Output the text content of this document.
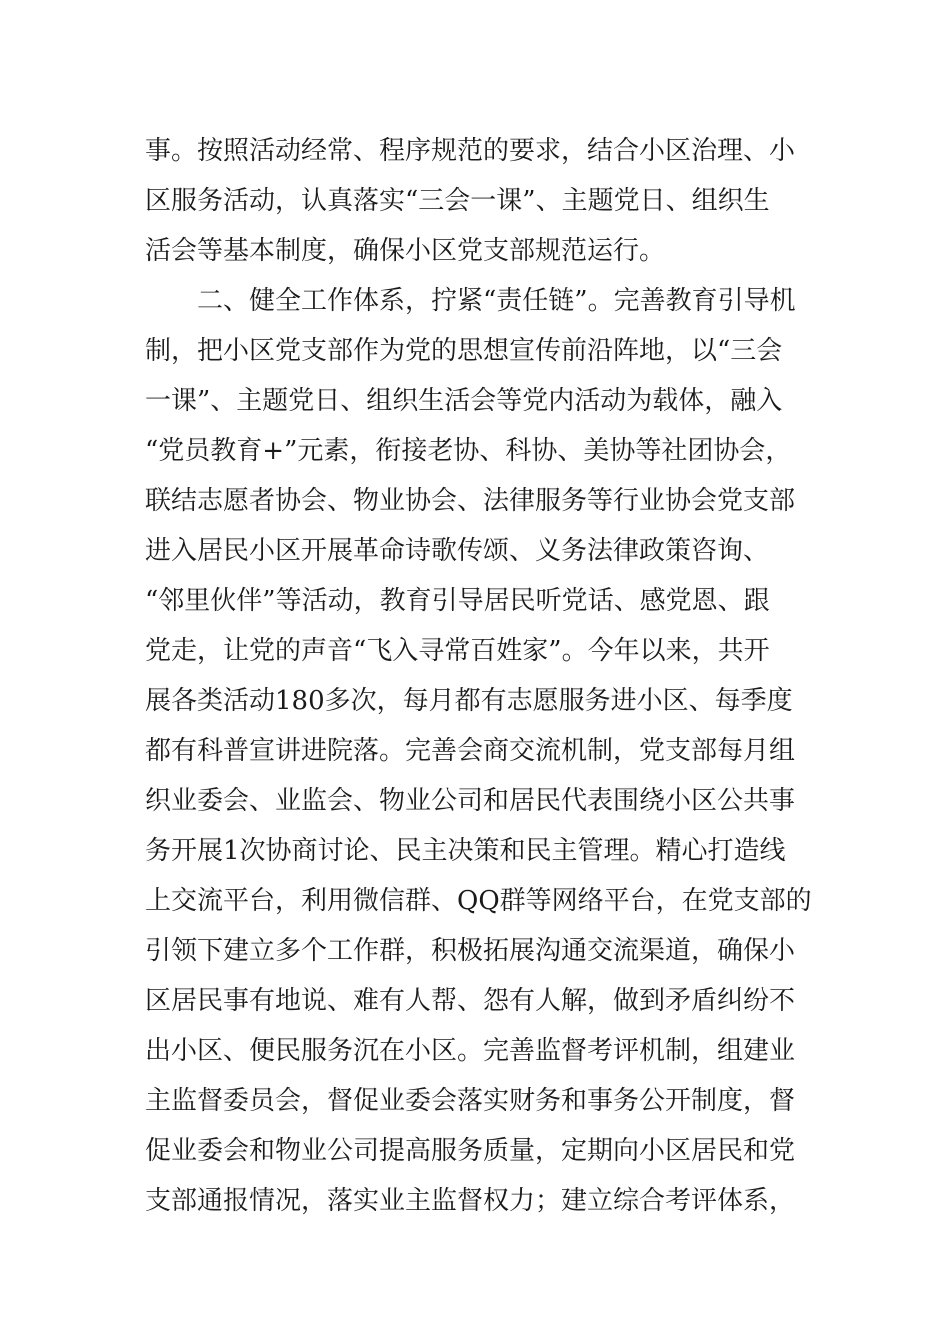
事。按照活动经常、程序规范的要求，结合小区治理、小
区服务活动，认真落实“三会一课”、主题党日、组织生
活会等基本制度，确保小区党支部规范运行。
　　二、健全工作体系，拧紧“责任链”。完善教育引导机
制，把小区党支部作为党的思想宣传前沿阵地，以“三会
一课”、主题党日、组织生活会等党内活动为载体，融入
“党员教育+”元素，衔接老协、科协、美协等社团协会，
联结志愿者协会、物业协会、法律服务等行业协会党支部
进入居民小区开展革命诗歌传颂、义务法律政策咨询、
“邻里伙伴”等活动，教育引导居民听党话、感党恩、跟
党走，让党的声音“飞入寻常百姓家”。今年以来，共开
展各类活动180多次，每月都有志愿服务进小区、每季度
都有科普宣讲进院落。完善会商交流机制，党支部每月组
织业委会、业监会、物业公司和居民代表围绕小区公共事
务开展1次协商讨论、民主决策和民主管理。精心打造线
上交流平台，利用微信群、QQ群等网络平台，在党支部的
引领下建立多个工作群，积极拓展沟通交流渠道，确保小
区居民事有地说、难有人帮、怨有人解，做到矛盾纠纷不
出小区、便民服务沉在小区。完善监督考评机制，组建业
主监督委员会，督促业委会落实财务和事务公开制度，督
促业委会和物业公司提高服务质量，定期向小区居民和党
支部通报情况，落实业主监督权力；建立综合考评体系，
